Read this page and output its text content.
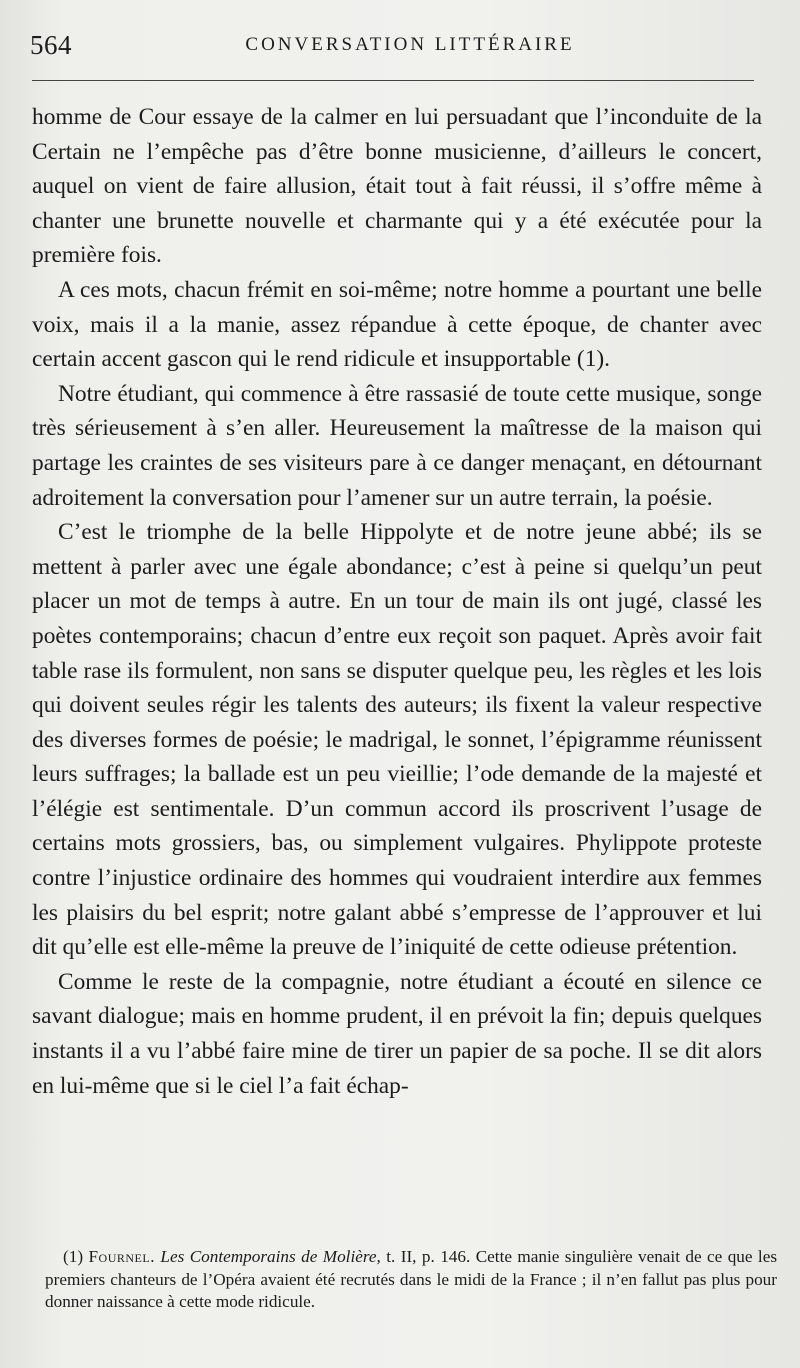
564	CONVERSATION LITTÉRAIRE

homme de Cour essaye de la calmer en lui persuadant que l’inconduite de la Certain ne l’empêche pas d’être bonne musicienne, d’ailleurs le concert, auquel on vient de faire allusion, était tout à fait réussi, il s’offre même à chanter une brunette nouvelle et charmante qui y a été exécutée pour la première fois.

A ces mots, chacun frémit en soi-même; notre homme a pourtant une belle voix, mais il a la manie, assez répandue à cette époque, de chanter avec certain accent gascon qui le rend ridicule et insupportable (1).

Notre étudiant, qui commence à être rassasié de toute cette musique, songe très sérieusement à s’en aller. Heureusement la maîtresse de la maison qui partage les craintes de ses visiteurs pare à ce danger menaçant, en détournant adroitement la conversation pour l’amener sur un autre terrain, la poésie.

C’est le triomphe de la belle Hippolyte et de notre jeune abbé; ils se mettent à parler avec une égale abondance; c’est à peine si quelqu’un peut placer un mot de temps à autre. En un tour de main ils ont jugé, classé les poètes contemporains; chacun d’entre eux reçoit son paquet. Après avoir fait table rase ils formulent, non sans se disputer quelque peu, les règles et les lois qui doivent seules régir les talents des auteurs; ils fixent la valeur respective des diverses formes de poésie; le madrigal, le sonnet, l’épigramme réunissent leurs suffrages; la ballade est un peu vieillie; l’ode demande de la majesté et l’élégie est sentimentale. D’un commun accord ils proscrivent l’usage de certains mots grossiers, bas, ou simplement vulgaires. Phylippote proteste contre l’injustice ordinaire des hommes qui voudraient interdire aux femmes les plaisirs du bel esprit; notre galant abbé s’empresse de l’approuver et lui dit qu’elle est elle-même la preuve de l’iniquité de cette odieuse prétention.

Comme le reste de la compagnie, notre étudiant a écouté en silence ce savant dialogue; mais en homme prudent, il en prévoit la fin; depuis quelques instants il a vu l’abbé faire mine de tirer un papier de sa poche. Il se dit alors en lui-même que si le ciel l’a fait échap-

(1) Fournel. Les Contemporains de Molière, t. II, p. 146. Cette manie singulière venait de ce que les premiers chanteurs de l’Opéra avaient été recrutés dans le midi de la France ; il n’en fallut pas plus pour donner naissance à cette mode ridicule.
